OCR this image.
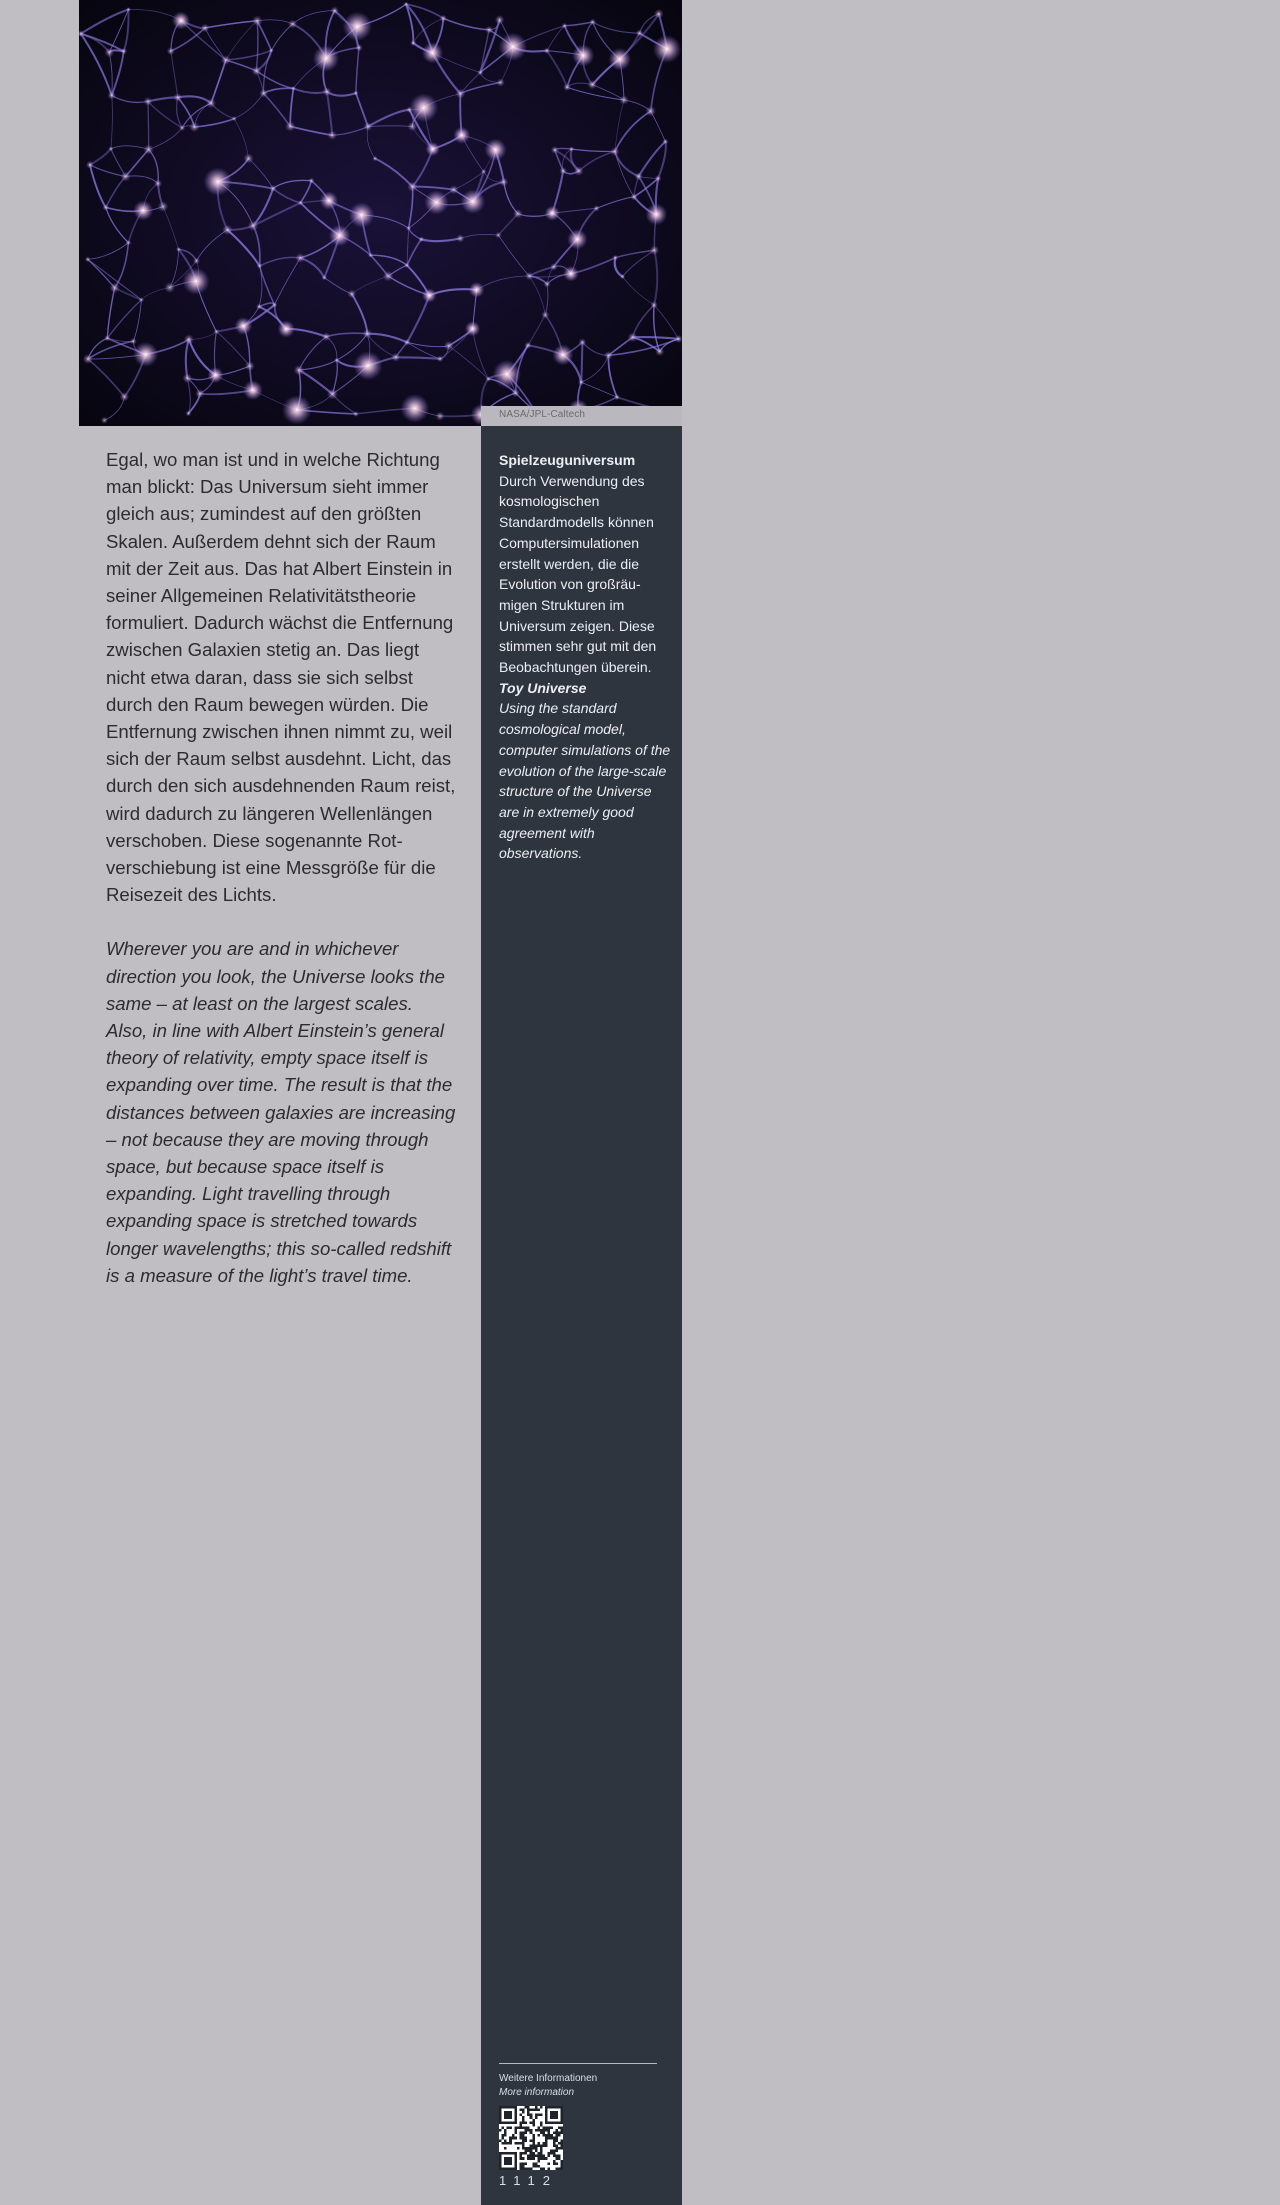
NASA/JPL-Caltech

Egal, wo man ist und in welche Richtung man blickt: Das Universum sieht immer gleich aus; zumindest auf den größten Skalen. Außerdem dehnt sich der Raum mit der Zeit aus. Das hat Albert Einstein in seiner Allgemeinen Relativitätstheorie formuliert. Dadurch wächst die Entfernung zwischen Galaxien stetig an. Das liegt nicht etwa daran, dass sie sich selbst durch den Raum bewegen würden. Die Entfernung zwischen ihnen nimmt zu, weil sich der Raum selbst ausdehnt. Licht, das durch den sich ausdehnenden Raum reist, wird dadurch zu längeren Wellenlängen verschoben. Diese sogenannte Rotverschiebung ist eine Messgröße für die Reisezeit des Lichts.

Wherever you are and in whichever direction you look, the Universe looks the same – at least on the largest scales. Also, in line with Albert Einstein’s general theory of relativity, empty space itself is expanding over time. The result is that the distances between galaxies are increasing – not because they are moving through space, but because space itself is expanding. Light travelling through expanding space is stretched towards longer wavelengths; this so-called redshift is a measure of the light’s travel time.

Spielzeuguniversum

Durch Verwendung des kosmologischen Standardmodells können Computersimulationen erstellt werden, die die Evolution von großräumigen Strukturen im Universum zeigen. Diese stimmen sehr gut mit den Beobachtungen überein.

Toy Universe

Using the standard cosmological model, computer simulations of the evolution of the large-scale structure of the Universe are in extremely good agreement with observations.

Weitere Informationen
More information
1112
